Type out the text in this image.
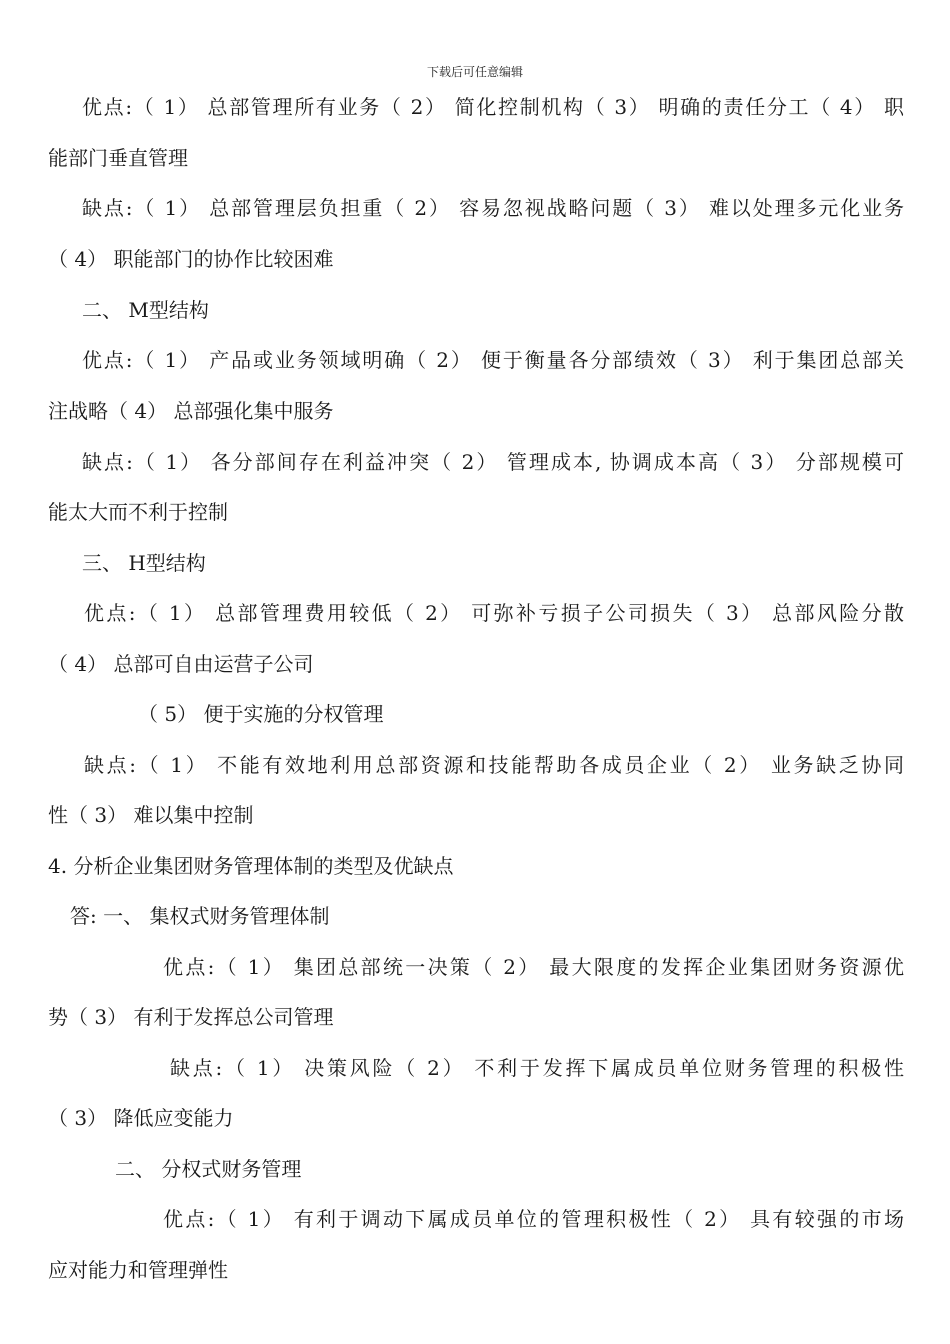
下载后可任意编辑
优点:（ 1） 总部管理所有业务（ 2） 简化控制机构（ 3） 明确的责任分工（ 4） 职
能部门垂直管理
缺点:（ 1） 总部管理层负担重（ 2） 容易忽视战略问题（ 3） 难以处理多元化业务
（ 4） 职能部门的协作比较困难
二、 M型结构
优点:（ 1） 产品或业务领域明确（ 2） 便于衡量各分部绩效（ 3） 利于集团总部关
注战略（ 4） 总部强化集中服务
缺点:（ 1） 各分部间存在利益冲突（ 2） 管理成本, 协调成本高（ 3） 分部规模可
能太大而不利于控制
三、 H型结构
优点:（ 1） 总部管理费用较低（ 2） 可弥补亏损子公司损失（ 3） 总部风险分散
（ 4） 总部可自由运营子公司
（ 5） 便于实施的分权管理
缺点:（ 1） 不能有效地利用总部资源和技能帮助各成员企业（ 2） 业务缺乏协同
性（ 3） 难以集中控制
4. 分析企业集团财务管理体制的类型及优缺点
答: 一、 集权式财务管理体制
优点:（ 1） 集团总部统一决策（ 2） 最大限度的发挥企业集团财务资源优
势（ 3） 有利于发挥总公司管理
缺点:（ 1） 决策风险（ 2） 不利于发挥下属成员单位财务管理的积极性
（ 3） 降低应变能力
二、 分权式财务管理
优点:（ 1） 有利于调动下属成员单位的管理积极性（ 2） 具有较强的市场
应对能力和管理弹性
